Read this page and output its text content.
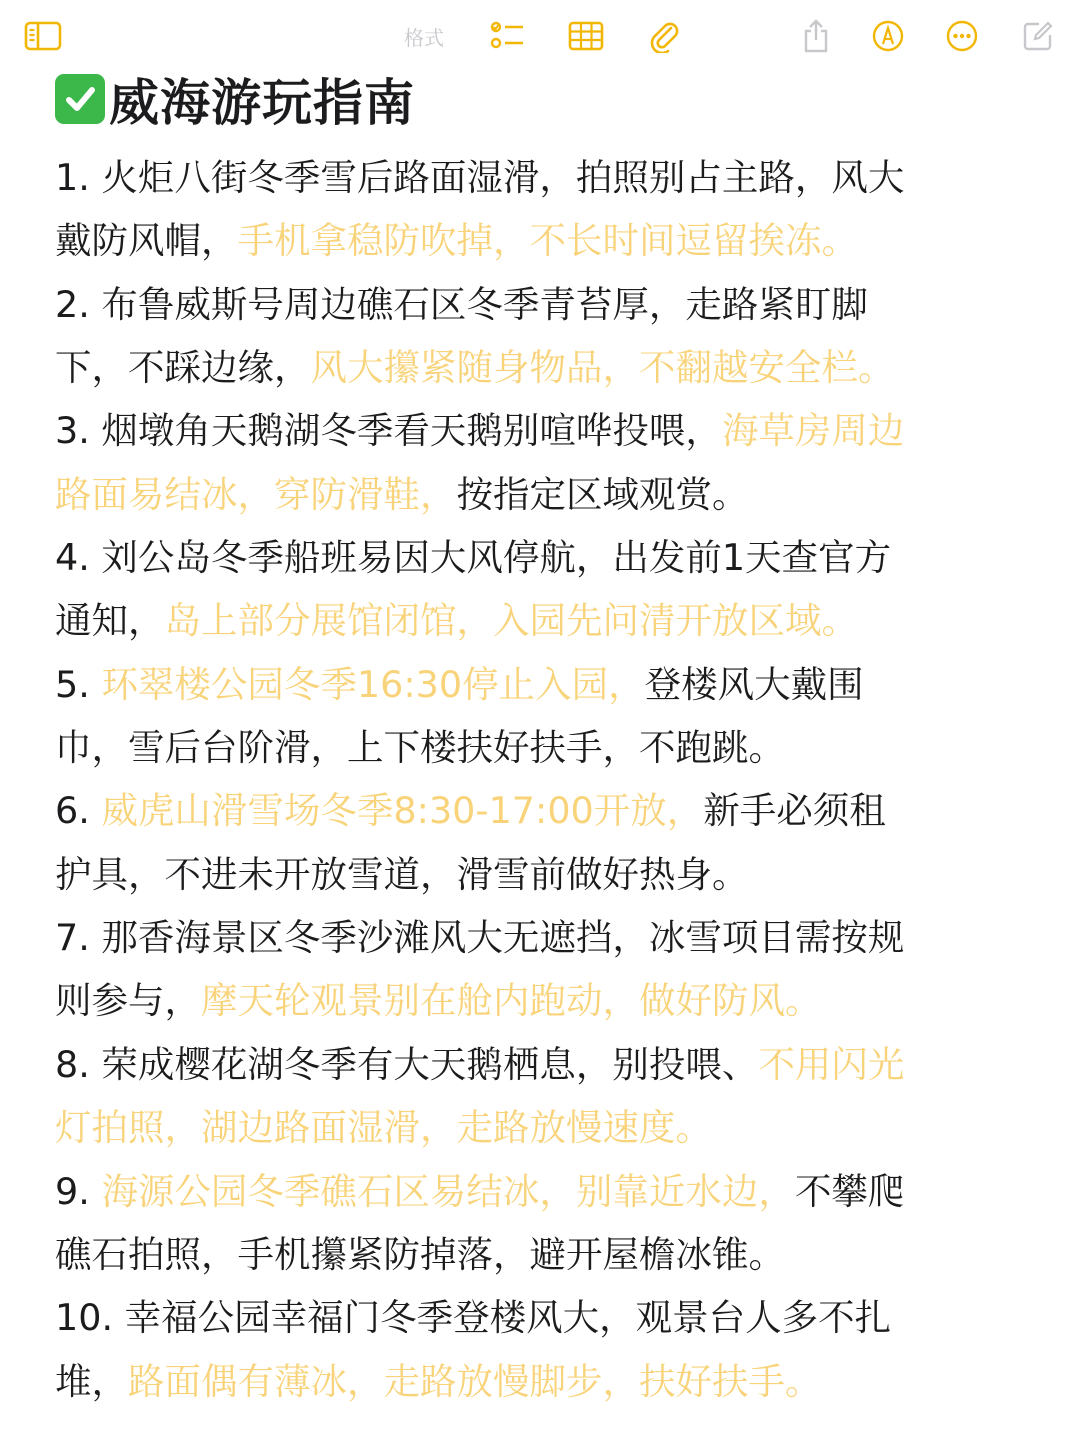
格式
威海游玩指南
1. 火炬八街冬季雪后路面湿滑，拍照别占主路，风大
戴防风帽，手机拿稳防吹掉，不长时间逗留挨冻。
2. 布鲁威斯号周边礁石区冬季青苔厚，走路紧盯脚
下，不踩边缘，风大攥紧随身物品，不翻越安全栏。
3. 烟墩角天鹅湖冬季看天鹅别喧哗投喂，海草房周边
路面易结冰，穿防滑鞋，按指定区域观赏。
4. 刘公岛冬季船班易因大风停航，出发前1天查官方
通知，岛上部分展馆闭馆，入园先问清开放区域。
5. 环翠楼公园冬季16:30停止入园，登楼风大戴围
巾，雪后台阶滑，上下楼扶好扶手，不跑跳。
6. 威虎山滑雪场冬季8:30-17:00开放，新手必须租
护具，不进未开放雪道，滑雪前做好热身。
7. 那香海景区冬季沙滩风大无遮挡，冰雪项目需按规
则参与，摩天轮观景别在舱内跑动，做好防风。
8. 荣成樱花湖冬季有大天鹅栖息，别投喂、不用闪光
灯拍照，湖边路面湿滑，走路放慢速度。
9. 海源公园冬季礁石区易结冰，别靠近水边，不攀爬
礁石拍照，手机攥紧防掉落，避开屋檐冰锥。
10. 幸福公园幸福门冬季登楼风大，观景台人多不扎
堆，路面偶有薄冰，走路放慢脚步，扶好扶手。
